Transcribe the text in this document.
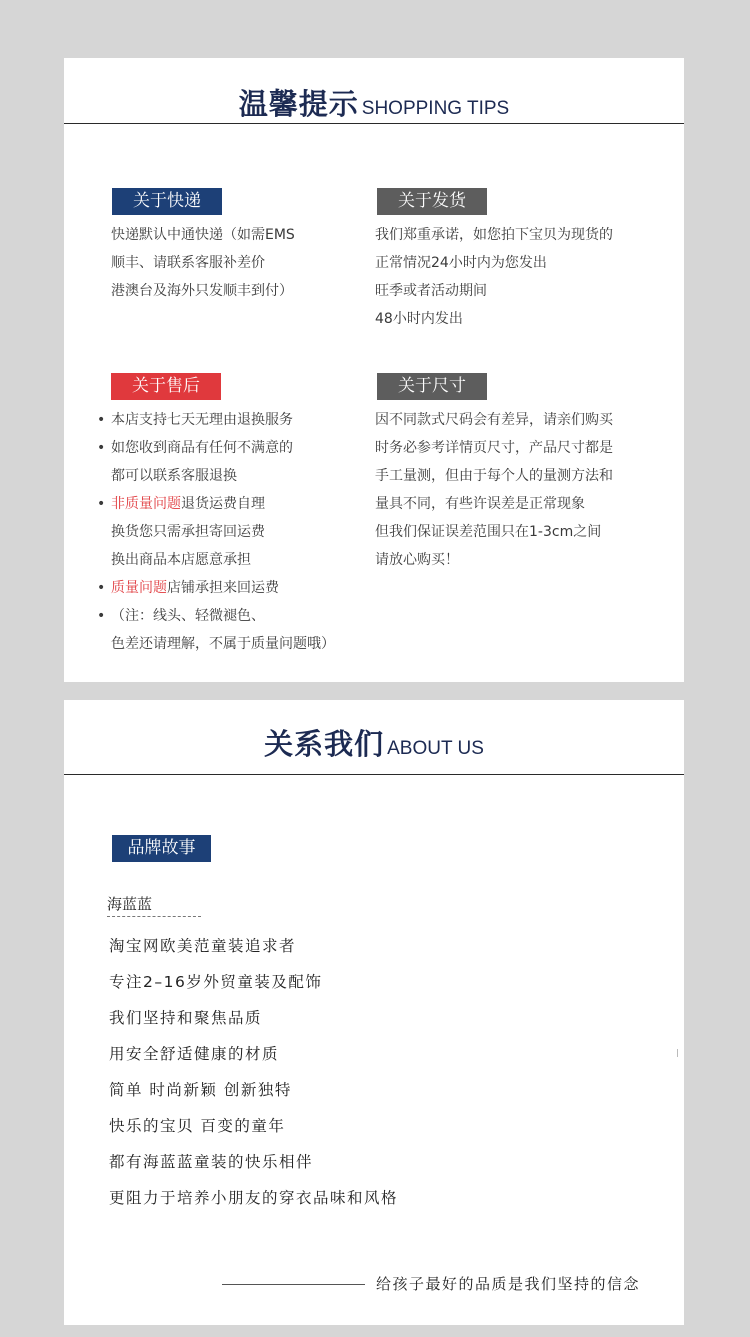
温馨提示 SHOPPING TIPS
关于快递
快递默认中通快递（如需EMS
顺丰、请联系客服补差价
港澳台及海外只发顺丰到付）
关于发货
我们郑重承诺，如您拍下宝贝为现货的
正常情况24小时内为您发出
旺季或者活动期间
48小时内发出
关于售后
• 本店支持七天无理由退换服务
• 如您收到商品有任何不满意的
都可以联系客服退换
• 非质量问题退货运费自理
换货您只需承担寄回运费
换出商品本店愿意承担
• 质量问题店铺承担来回运费
• （注：线头、轻微褪色、
色差还请理解，不属于质量问题哦）
关于尺寸
因不同款式尺码会有差异，请亲们购买
时务必参考详情页尺寸，产品尺寸都是
手工量测，但由于每个人的量测方法和
量具不同，有些许误差是正常现象
但我们保证误差范围只在1-3cm之间
请放心购买！
关系我们 ABOUT US
品牌故事
海蓝蓝
淘宝网欧美范童装追求者
专注2–16岁外贸童装及配饰
我们坚持和聚焦品质
用安全舒适健康的材质
简单 时尚新颖 创新独特
快乐的宝贝 百变的童年
都有海蓝蓝童装的快乐相伴
更阻力于培养小朋友的穿衣品味和风格
给孩子最好的品质是我们坚持的信念
